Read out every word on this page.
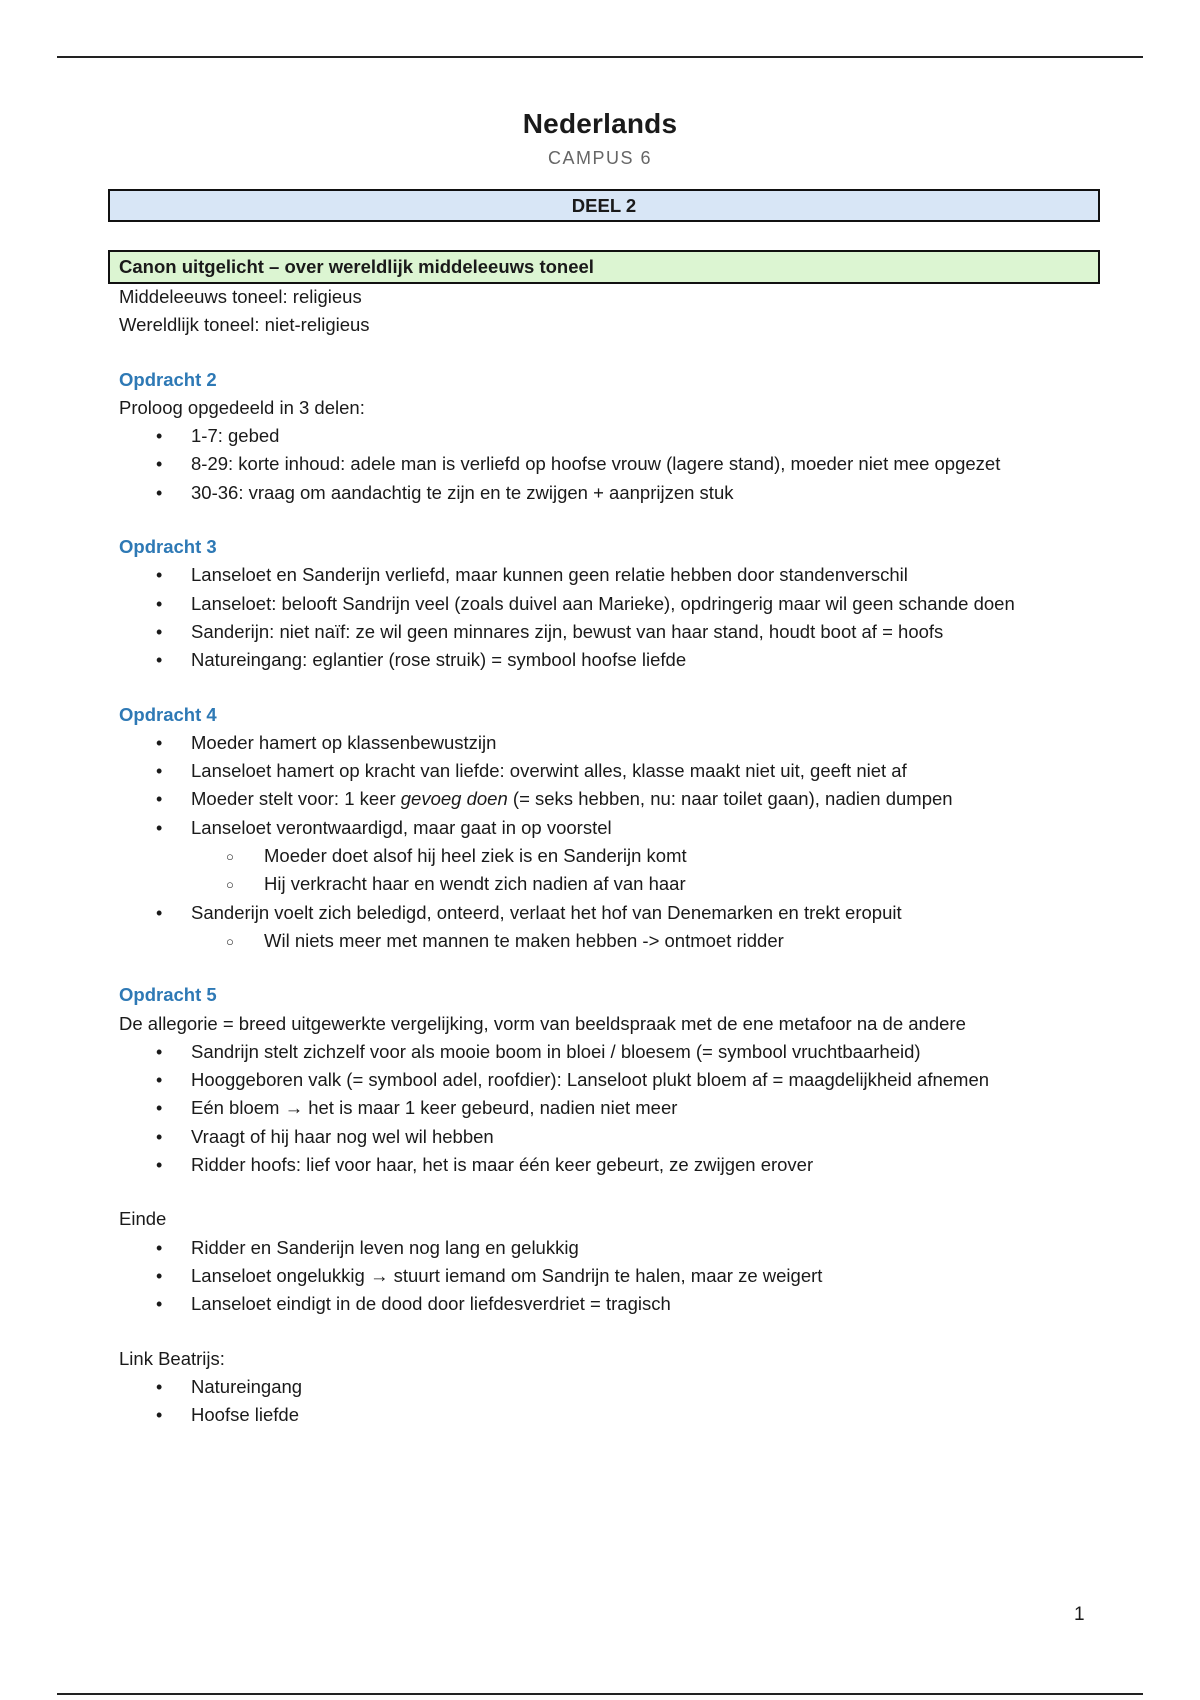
Nederlands
CAMPUS 6
DEEL 2
Canon uitgelicht – over wereldlijk middeleeuws toneel
Middeleeuws toneel: religieus
Wereldlijk toneel: niet-religieus
Opdracht 2
Proloog opgedeeld in 3 delen:
• 1-7: gebed
• 8-29: korte inhoud: adele man is verliefd op hoofse vrouw (lagere stand), moeder niet mee opgezet
• 30-36: vraag om aandachtig te zijn en te zwijgen + aanprijzen stuk
Opdracht 3
• Lanseloet en Sanderijn verliefd, maar kunnen geen relatie hebben door standenverschil
• Lanseloet: belooft Sandrijn veel (zoals duivel aan Marieke), opdringerig maar wil geen schande doen
• Sanderijn: niet naïf: ze wil geen minnares zijn, bewust van haar stand, houdt boot af = hoofs
• Natureingang: eglantier (rose struik) = symbool hoofse liefde
Opdracht 4
• Moeder hamert op klassenbewustzijn
• Lanseloet hamert op kracht van liefde: overwint alles, klasse maakt niet uit, geeft niet af
• Moeder stelt voor: 1 keer gevoeg doen (= seks hebben, nu: naar toilet gaan), nadien dumpen
• Lanseloet verontwaardigd, maar gaat in op voorstel
○ Moeder doet alsof hij heel ziek is en Sanderijn komt
○ Hij verkracht haar en wendt zich nadien af van haar
• Sanderijn voelt zich beledigd, onteerd, verlaat het hof van Denemarken en trekt eropuit
○ Wil niets meer met mannen te maken hebben -> ontmoet ridder
Opdracht 5
De allegorie = breed uitgewerkte vergelijking, vorm van beeldspraak met de ene metafoor na de andere
• Sandrijn stelt zichzelf voor als mooie boom in bloei / bloesem (= symbool vruchtbaarheid)
• Hooggeboren valk (= symbool adel, roofdier): Lanseloot plukt bloem af = maagdelijkheid afnemen
• Eén bloem → het is maar 1 keer gebeurd, nadien niet meer
• Vraagt of hij haar nog wel wil hebben
• Ridder hoofs: lief voor haar, het is maar één keer gebeurt, ze zwijgen erover
Einde
• Ridder en Sanderijn leven nog lang en gelukkig
• Lanseloet ongelukkig → stuurt iemand om Sandrijn te halen, maar ze weigert
• Lanseloet eindigt in de dood door liefdesverdriet = tragisch
Link Beatrijs:
• Natureingang
• Hoofse liefde
1
